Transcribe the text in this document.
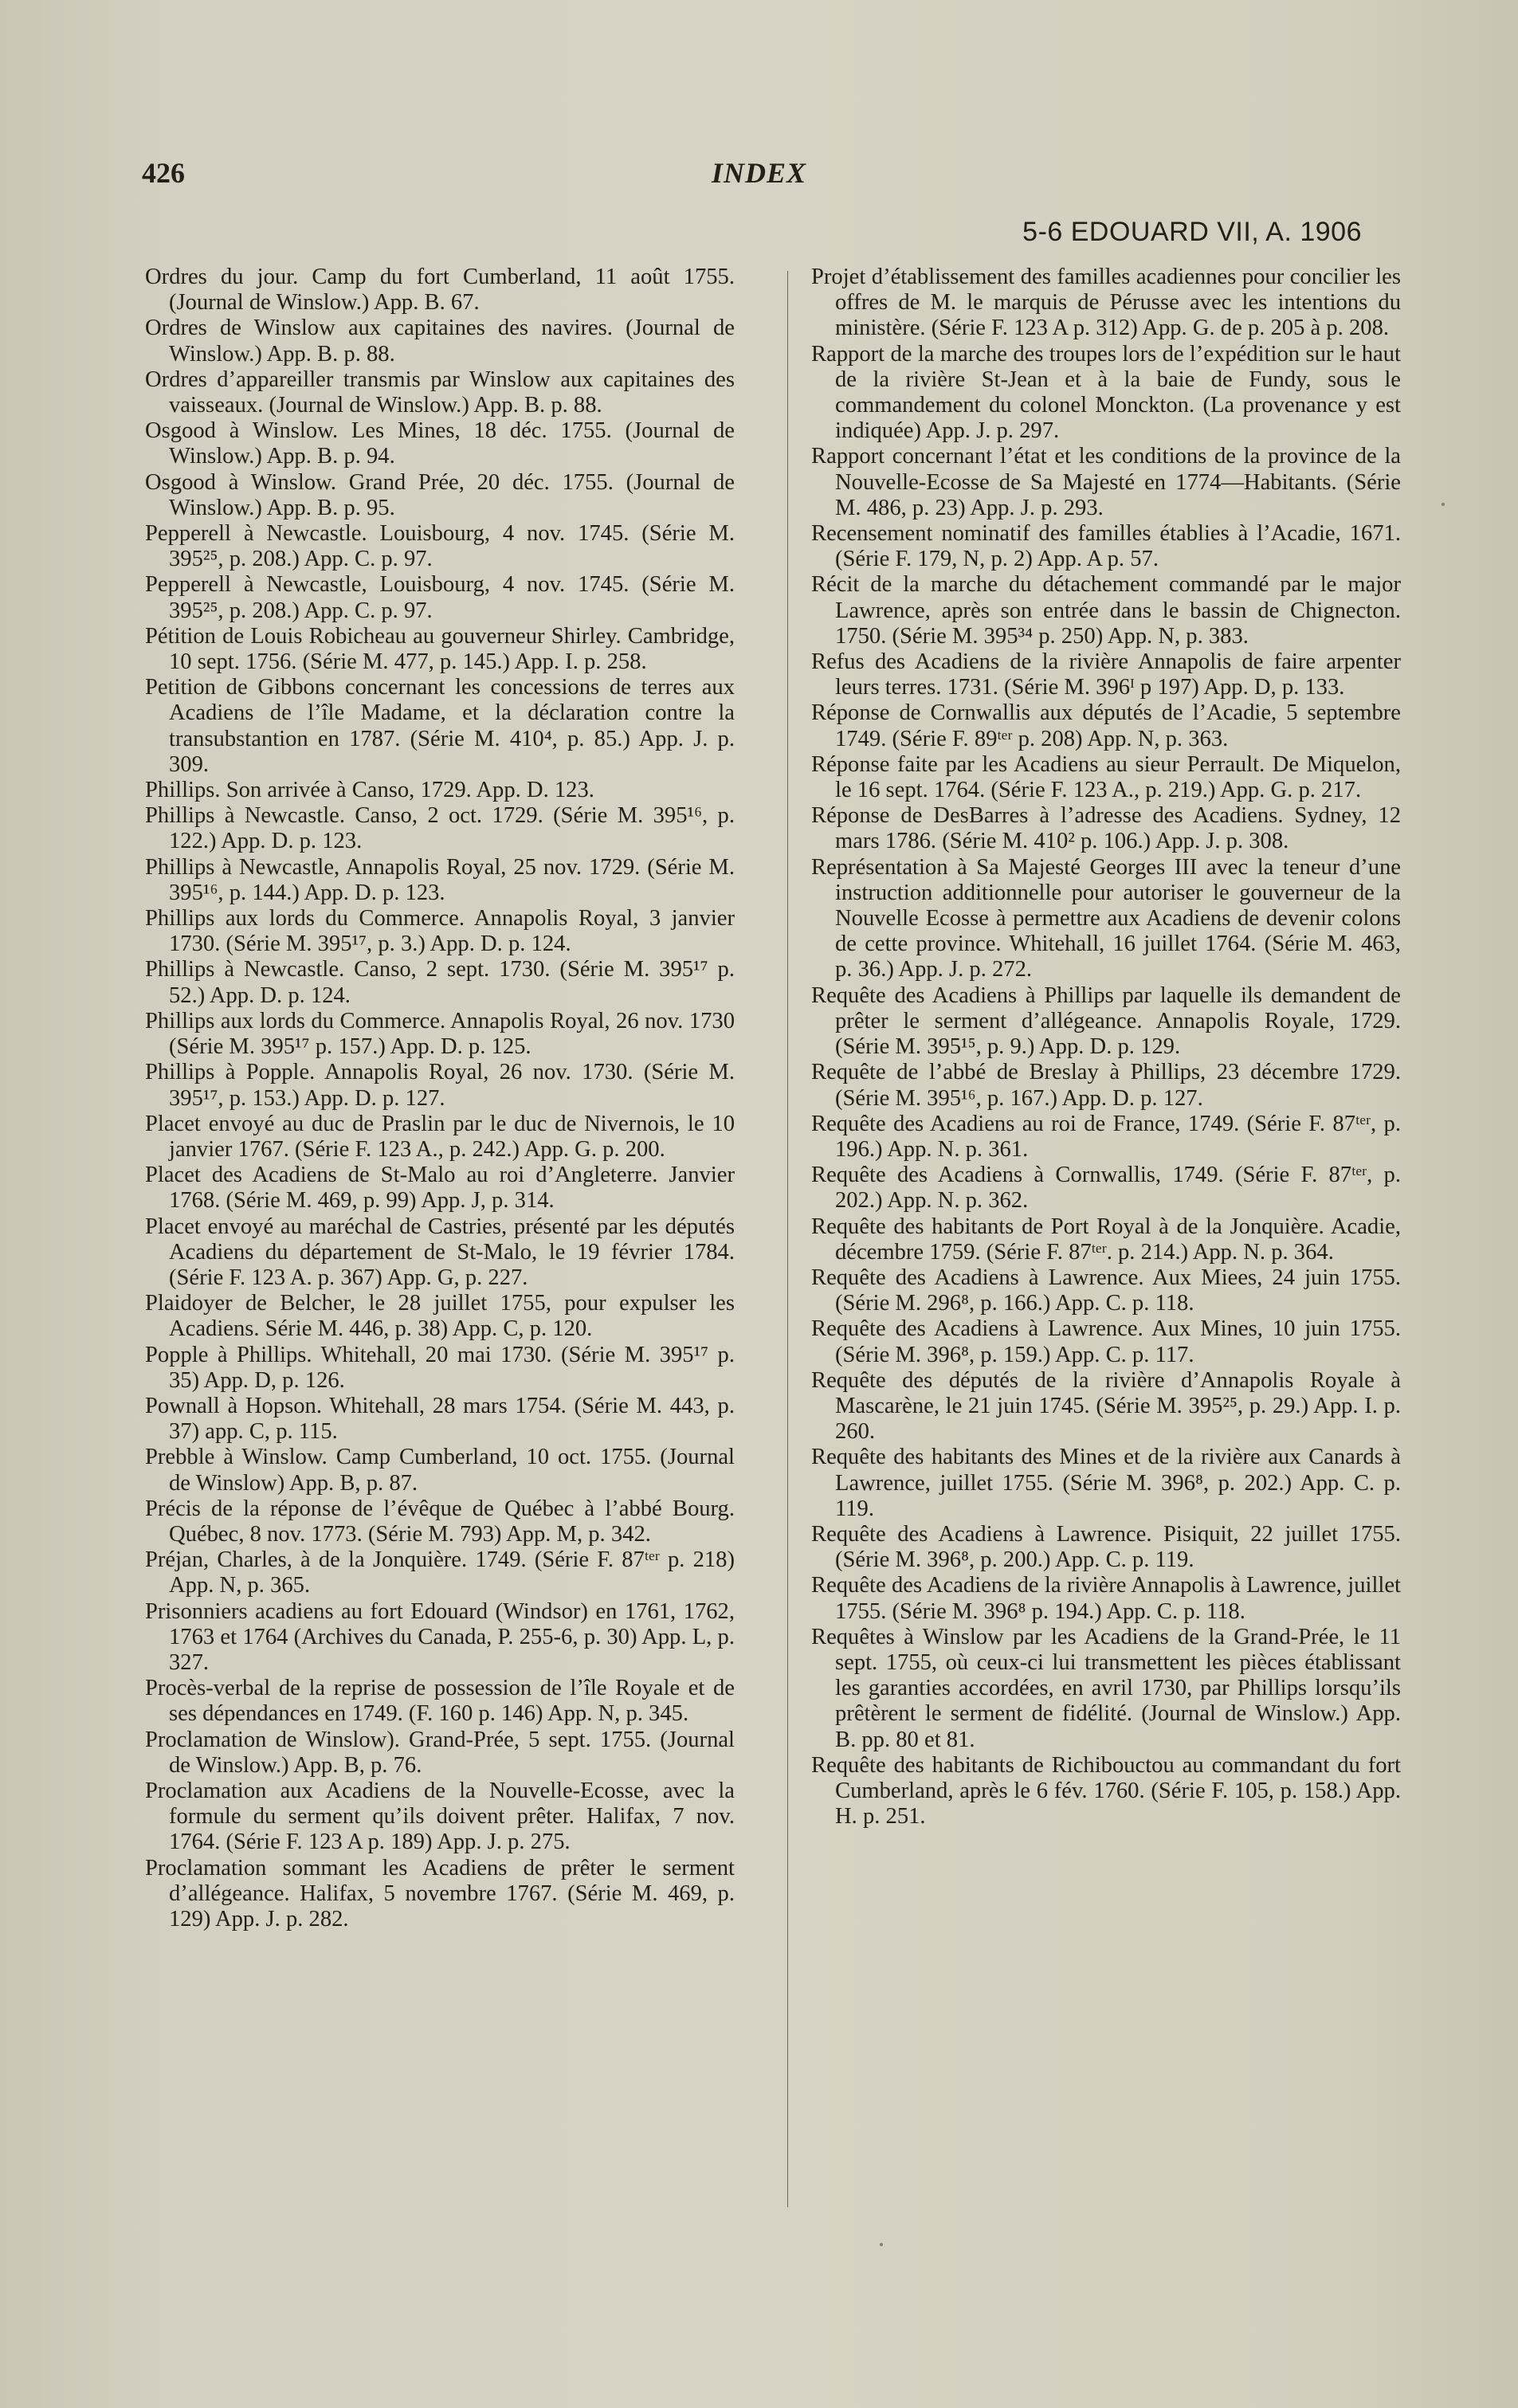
426	INDEX
5-6 EDOUARD VII, A. 1906

Ordres du jour. Camp du fort Cumberland, 11 août 1755. (Journal de Winslow.) App. B. 67.

Ordres de Winslow aux capitaines des navires. (Journal de Winslow.) App. B. p. 88.

Ordres d’appareiller transmis par Winslow aux capitaines des vaisseaux. (Journal de Winslow.) App. B. p. 88.

Osgood à Winslow. Les Mines, 18 déc. 1755. (Journal de Winslow.) App. B. p. 94.

Osgood à Winslow. Grand Prée, 20 déc. 1755. (Journal de Winslow.) App. B. p. 95.

Pepperell à Newcastle. Louisbourg, 4 nov. 1745. (Série M. 395²⁵, p. 208.) App. C. p. 97.

Pepperell à Newcastle, Louisbourg, 4 nov. 1745. (Série M. 395²⁵, p. 208.) App. C. p. 97.

Pétition de Louis Robicheau au gouverneur Shirley. Cambridge, 10 sept. 1756. (Série M. 477, p. 145.) App. I. p. 258.

Petition de Gibbons concernant les concessions de terres aux Acadiens de l’île Madame, et la déclaration contre la transubstantion en 1787. (Série M. 410⁴, p. 85.) App. J. p. 309.

Phillips. Son arrivée à Canso, 1729. App. D. 123.

Phillips à Newcastle. Canso, 2 oct. 1729. (Série M. 395¹⁶, p. 122.) App. D. p. 123.

Phillips à Newcastle, Annapolis Royal, 25 nov. 1729. (Série M. 395¹⁶, p. 144.) App. D. p. 123.

Phillips aux lords du Commerce. Annapolis Royal, 3 janvier 1730. (Série M. 395¹⁷, p. 3.) App. D. p. 124.

Phillips à Newcastle. Canso, 2 sept. 1730. (Série M. 395¹⁷ p. 52.) App. D. p. 124.

Phillips aux lords du Commerce. Annapolis Royal, 26 nov. 1730 (Série M. 395¹⁷ p. 157.) App. D. p. 125.

Phillips à Popple. Annapolis Royal, 26 nov. 1730. (Série M. 395¹⁷, p. 153.) App. D. p. 127.

Placet envoyé au duc de Praslin par le duc de Nivernois, le 10 janvier 1767. (Série F. 123 A., p. 242.) App. G. p. 200.

Placet des Acadiens de St-Malo au roi d’Angleterre. Janvier 1768. (Série M. 469, p. 99) App. J, p. 314.

Placet envoyé au maréchal de Castries, présenté par les députés Acadiens du département de St-Malo, le 19 février 1784. (Série F. 123 A. p. 367) App. G, p. 227.

Plaidoyer de Belcher, le 28 juillet 1755, pour expulser les Acadiens. Série M. 446, p. 38) App. C, p. 120.

Popple à Phillips. Whitehall, 20 mai 1730. (Série M. 395¹⁷ p. 35) App. D, p. 126.

Pownall à Hopson. Whitehall, 28 mars 1754. (Série M. 443, p. 37) app. C, p. 115.

Prebble à Winslow. Camp Cumberland, 10 oct. 1755. (Journal de Winslow) App. B, p. 87.

Précis de la réponse de l’évêque de Québec à l’abbé Bourg. Québec, 8 nov. 1773. (Série M. 793) App. M, p. 342.

Préjan, Charles, à de la Jonquière. 1749. (Série F. 87ᵗᵉʳ p. 218) App. N, p. 365.

Prisonniers acadiens au fort Edouard (Windsor) en 1761, 1762, 1763 et 1764 (Archives du Canada, P. 255-6, p. 30) App. L, p. 327.

Procès-verbal de la reprise de possession de l’île Royale et de ses dépendances en 1749. (F. 160 p. 146) App. N, p. 345.

Proclamation de Winslow). Grand-Prée, 5 sept. 1755. (Journal de Winslow.) App. B, p. 76.

Proclamation aux Acadiens de la Nouvelle-Ecosse, avec la formule du serment qu’ils doivent prêter. Halifax, 7 nov. 1764. (Série F. 123 A p. 189) App. J. p. 275.

Proclamation sommant les Acadiens de prêter le serment d’allégeance. Halifax, 5 novembre 1767. (Série M. 469, p. 129) App. J. p. 282.

Projet d’établissement des familles acadiennes pour concilier les offres de M. le marquis de Pérusse avec les intentions du ministère. (Série F. 123 A p. 312) App. G. de p. 205 à p. 208.

Rapport de la marche des troupes lors de l’expédition sur le haut de la rivière St-Jean et à la baie de Fundy, sous le commandement du colonel Monckton. (La provenance y est indiquée) App. J. p. 297.

Rapport concernant l’état et les conditions de la province de la Nouvelle-Ecosse de Sa Majesté en 1774—Habitants. (Série M. 486, p. 23) App. J. p. 293.

Recensement nominatif des familles établies à l’Acadie, 1671. (Série F. 179, N, p. 2) App. A p. 57.

Récit de la marche du détachement commandé par le major Lawrence, après son entrée dans le bassin de Chignecton. 1750. (Série M. 395³⁴ p. 250) App. N, p. 383.

Refus des Acadiens de la rivière Annapolis de faire arpenter leurs terres. 1731. (Série M. 396ᴵ p 197) App. D, p. 133.

Réponse de Cornwallis aux députés de l’Acadie, 5 septembre 1749. (Série F. 89ᵗᵉʳ p. 208) App. N, p. 363.

Réponse faite par les Acadiens au sieur Perrault. De Miquelon, le 16 sept. 1764. (Série F. 123 A., p. 219.) App. G. p. 217.

Réponse de DesBarres à l’adresse des Acadiens. Sydney, 12 mars 1786. (Série M. 410² p. 106.) App. J. p. 308.

Représentation à Sa Majesté Georges III avec la teneur d’une instruction additionnelle pour autoriser le gouverneur de la Nouvelle Ecosse à permettre aux Acadiens de devenir colons de cette province. Whitehall, 16 juillet 1764. (Série M. 463, p. 36.) App. J. p. 272.

Requête des Acadiens à Phillips par laquelle ils demandent de prêter le serment d’allégeance. Annapolis Royale, 1729. (Série M. 395¹⁵, p. 9.) App. D. p. 129.

Requête de l’abbé de Breslay à Phillips, 23 décembre 1729. (Série M. 395¹⁶, p. 167.) App. D. p. 127.

Requête des Acadiens au roi de France, 1749. (Série F. 87ᵗᵉʳ, p. 196.) App. N. p. 361.

Requête des Acadiens à Cornwallis, 1749. (Série F. 87ᵗᵉʳ, p. 202.) App. N. p. 362.

Requête des habitants de Port Royal à de la Jonquière. Acadie, décembre 1759. (Série F. 87ᵗᵉʳ. p. 214.) App. N. p. 364.

Requête des Acadiens à Lawrence. Aux Miees, 24 juin 1755. (Série M. 296⁸, p. 166.) App. C. p. 118.

Requête des Acadiens à Lawrence. Aux Mines, 10 juin 1755. (Série M. 396⁸, p. 159.) App. C. p. 117.

Requête des députés de la rivière d’Annapolis Royale à Mascarène, le 21 juin 1745. (Série M. 395²⁵, p. 29.) App. I. p. 260.

Requête des habitants des Mines et de la rivière aux Canards à Lawrence, juillet 1755. (Série M. 396⁸, p. 202.) App. C. p. 119.

Requête des Acadiens à Lawrence. Pisiquit, 22 juillet 1755. (Série M. 396⁸, p. 200.) App. C. p. 119.

Requête des Acadiens de la rivière Annapolis à Lawrence, juillet 1755. (Série M. 396⁸ p. 194.) App. C. p. 118.

Requêtes à Winslow par les Acadiens de la Grand-Prée, le 11 sept. 1755, où ceux-ci lui transmettent les pièces établissant les garanties accordées, en avril 1730, par Phillips lorsqu’ils prêtèrent le serment de fidélité. (Journal de Winslow.) App. B. pp. 80 et 81.

Requête des habitants de Richibouctou au commandant du fort Cumberland, après le 6 fév. 1760. (Série F. 105, p. 158.) App. H. p. 251.

·
·
